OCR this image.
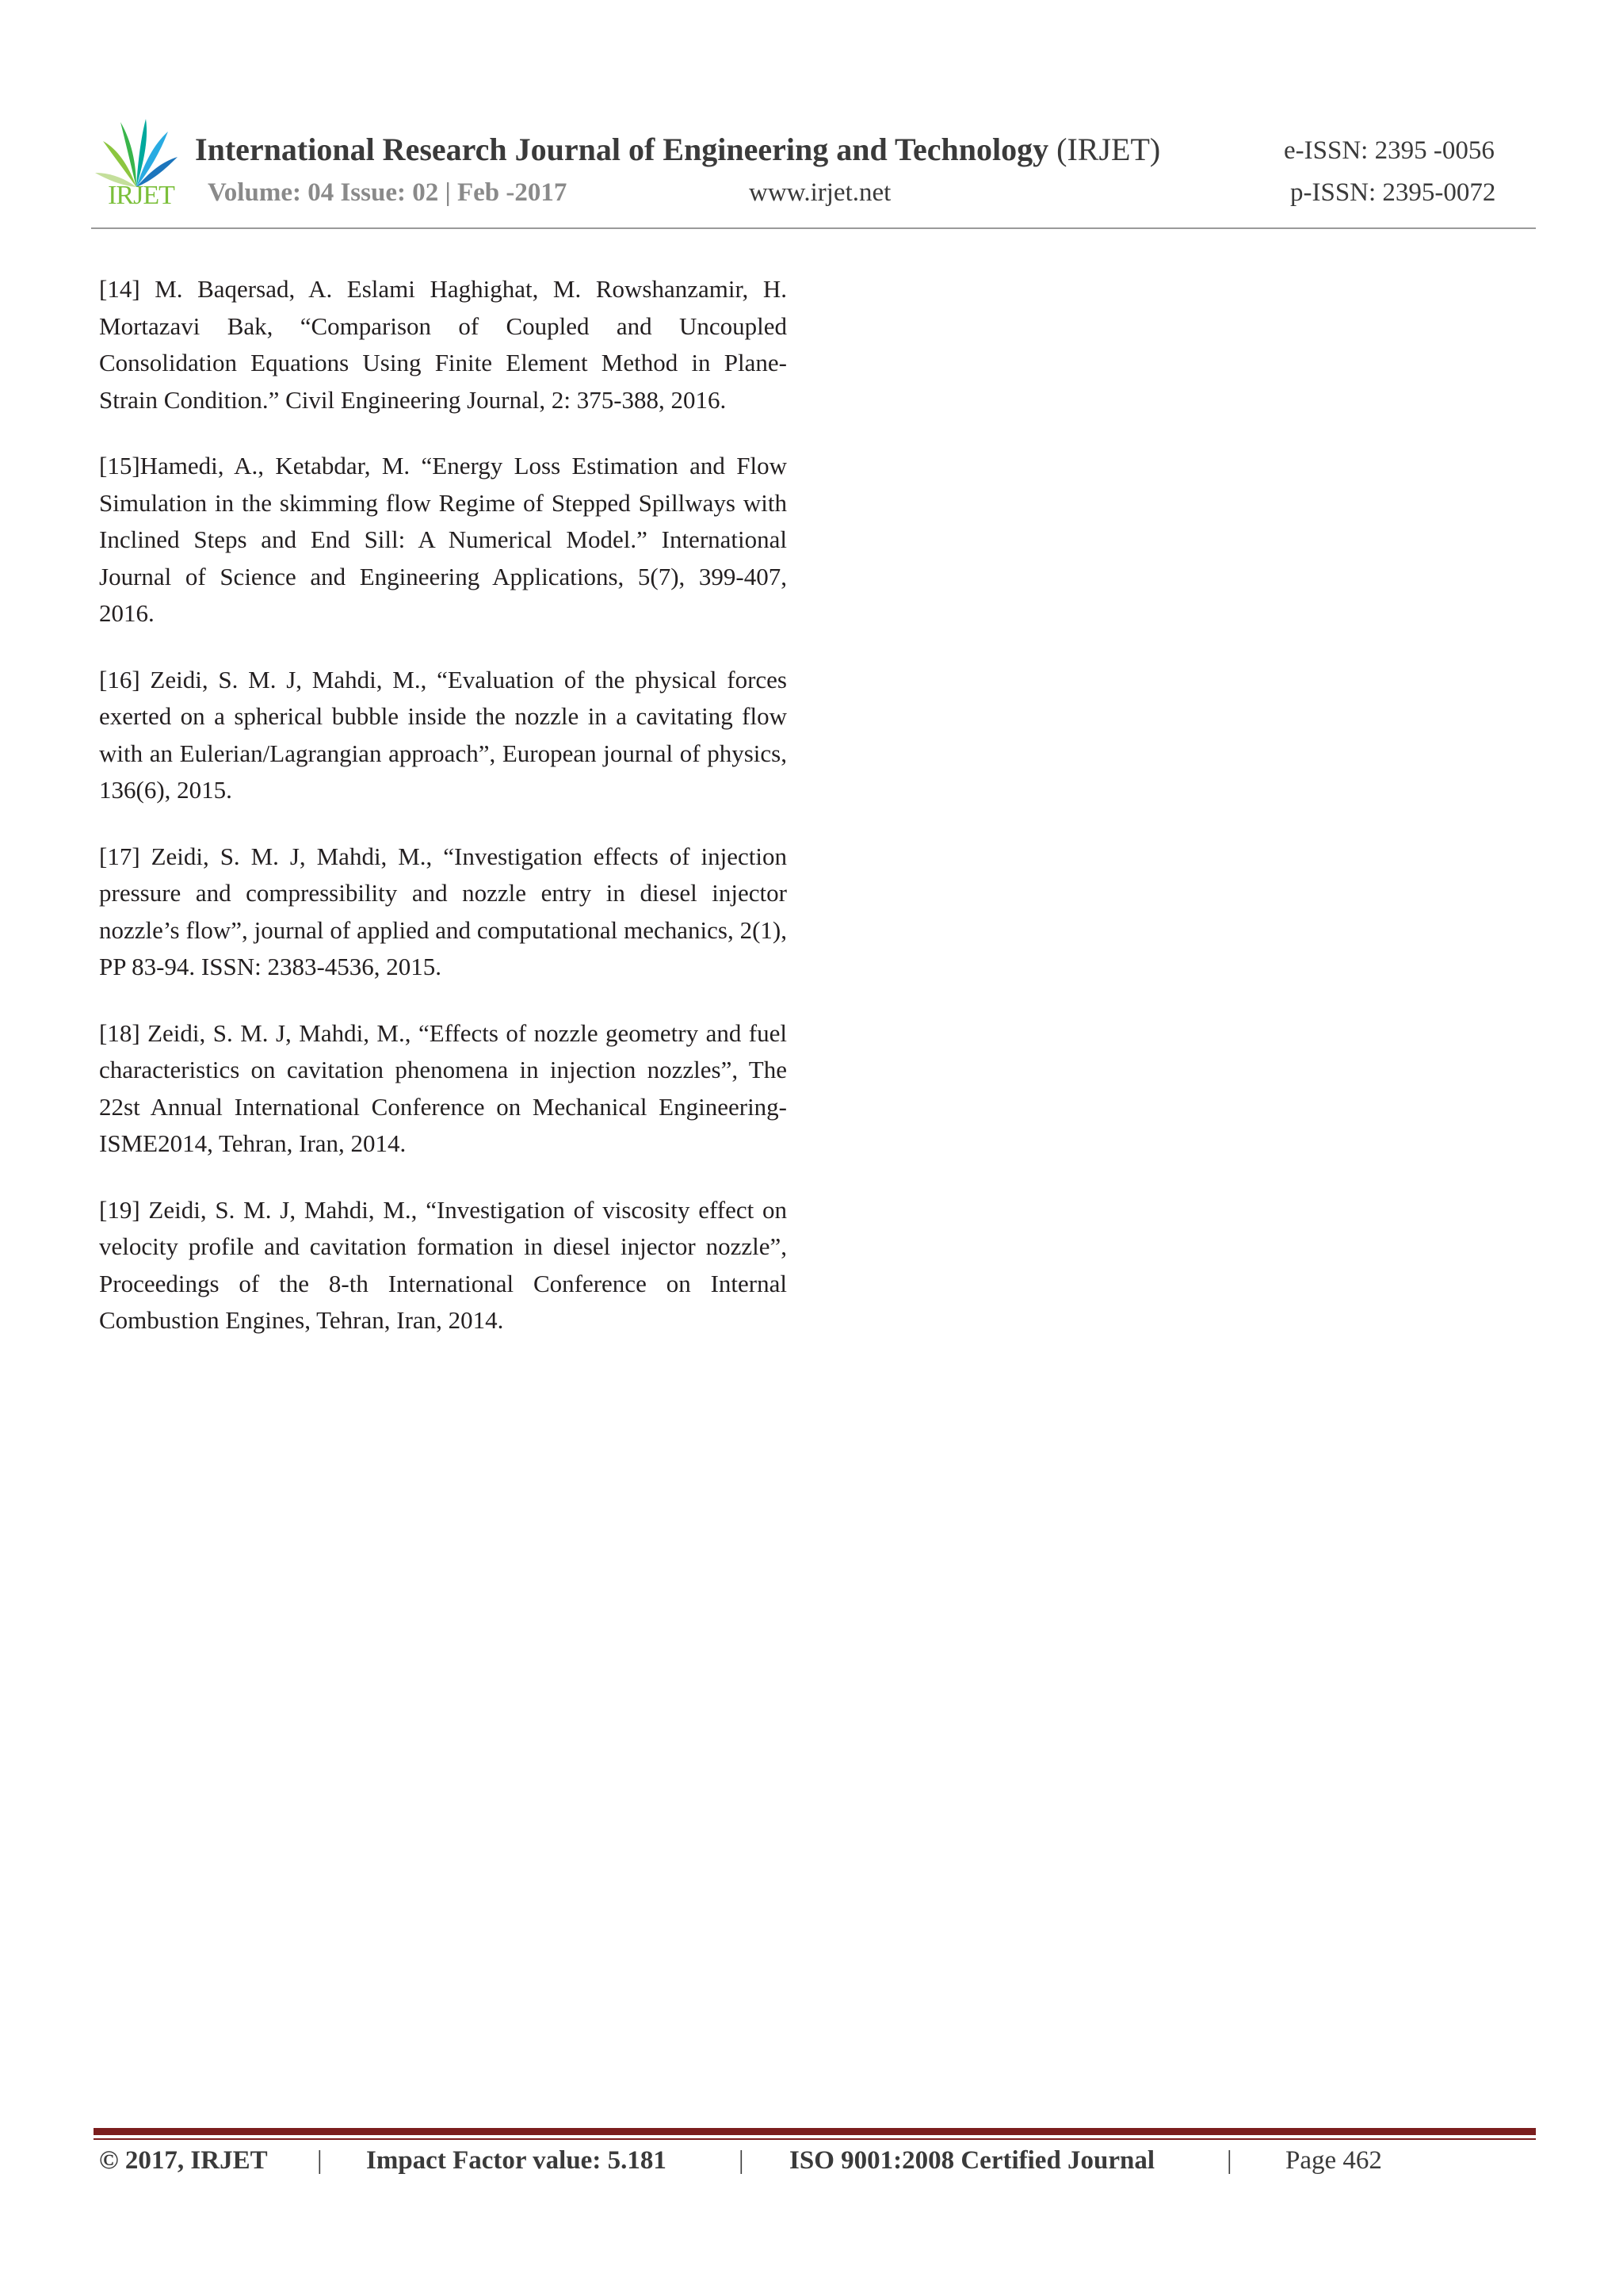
IRJET
International Research Journal of Engineering and Technology (IRJET)	e-ISSN: 2395 -0056
Volume: 04 Issue: 02 | Feb -2017	www.irjet.net	p-ISSN: 2395-0072

[14] M. Baqersad, A. Eslami Haghighat, M. Rowshanzamir, H. Mortazavi Bak, “Comparison of Coupled and Uncoupled Consolidation Equations Using Finite Element Method in Plane-Strain Condition.” Civil Engineering Journal, 2: 375-388, 2016.

[15]Hamedi, A., Ketabdar, M. “Energy Loss Estimation and Flow Simulation in the skimming flow Regime of Stepped Spillways with Inclined Steps and End Sill: A Numerical Model.” International Journal of Science and Engineering Applications, 5(7), 399-407, 2016.

[16] Zeidi, S. M. J, Mahdi, M., “Evaluation of the physical forces exerted on a spherical bubble inside the nozzle in a cavitating flow with an Eulerian/Lagrangian approach”, European journal of physics, 136(6), 2015.

[17] Zeidi, S. M. J, Mahdi, M., “Investigation effects of injection pressure and compressibility and nozzle entry in diesel injector nozzle’s flow”, journal of applied and computational mechanics, 2(1), PP 83-94. ISSN: 2383-4536, 2015.

[18] Zeidi, S. M. J, Mahdi, M., “Effects of nozzle geometry and fuel characteristics on cavitation phenomena in injection nozzles”, The 22st Annual International Conference on Mechanical Engineering-ISME2014, Tehran, Iran, 2014.

[19] Zeidi, S. M. J, Mahdi, M., “Investigation of viscosity effect on velocity profile and cavitation formation in diesel injector nozzle”, Proceedings of the 8-th International Conference on Internal Combustion Engines, Tehran, Iran, 2014.

© 2017, IRJET | Impact Factor value: 5.181	| ISO 9001:2008 Certified Journal	| Page 462
